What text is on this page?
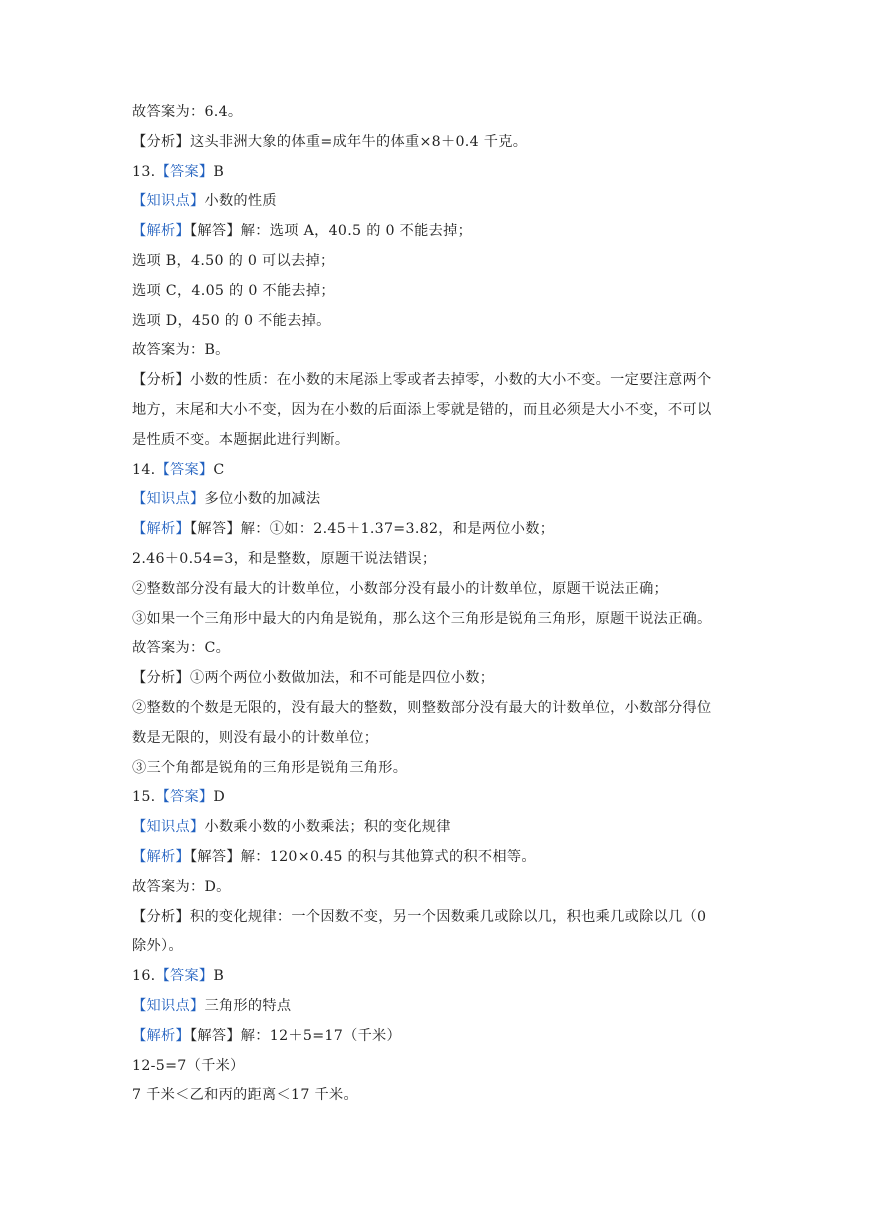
故答案为：6.4。
【分析】这头非洲大象的体重=成年牛的体重×8＋0.4 千克。
13.【答案】B
【知识点】小数的性质
【解析】【解答】解：选项 A，40.5 的 0 不能去掉；
选项 B，4.50 的 0 可以去掉；
选项 C，4.05 的 0 不能去掉；
选项 D，450 的 0 不能去掉。
故答案为：B。
【分析】小数的性质：在小数的末尾添上零或者去掉零，小数的大小不变。一定要注意两个
地方，末尾和大小不变，因为在小数的后面添上零就是错的，而且必须是大小不变，不可以
是性质不变。本题据此进行判断。
14.【答案】C
【知识点】多位小数的加减法
【解析】【解答】解：①如：2.45＋1.37=3.82，和是两位小数；
2.46＋0.54=3，和是整数，原题干说法错误；
②整数部分没有最大的计数单位，小数部分没有最小的计数单位，原题干说法正确；
③如果一个三角形中最大的内角是锐角，那么这个三角形是锐角三角形，原题干说法正确。
故答案为：C。
【分析】①两个两位小数做加法，和不可能是四位小数；
②整数的个数是无限的，没有最大的整数，则整数部分没有最大的计数单位，小数部分得位
数是无限的，则没有最小的计数单位；
③三个角都是锐角的三角形是锐角三角形。
15.【答案】D
【知识点】小数乘小数的小数乘法；积的变化规律
【解析】【解答】解：120×0.45 的积与其他算式的积不相等。
故答案为：D。
【分析】积的变化规律：一个因数不变，另一个因数乘几或除以几，积也乘几或除以几（0
除外）。
16.【答案】B
【知识点】三角形的特点
【解析】【解答】解：12＋5=17（千米）
12-5=7（千米）
7 千米＜乙和丙的距离＜17 千米。
